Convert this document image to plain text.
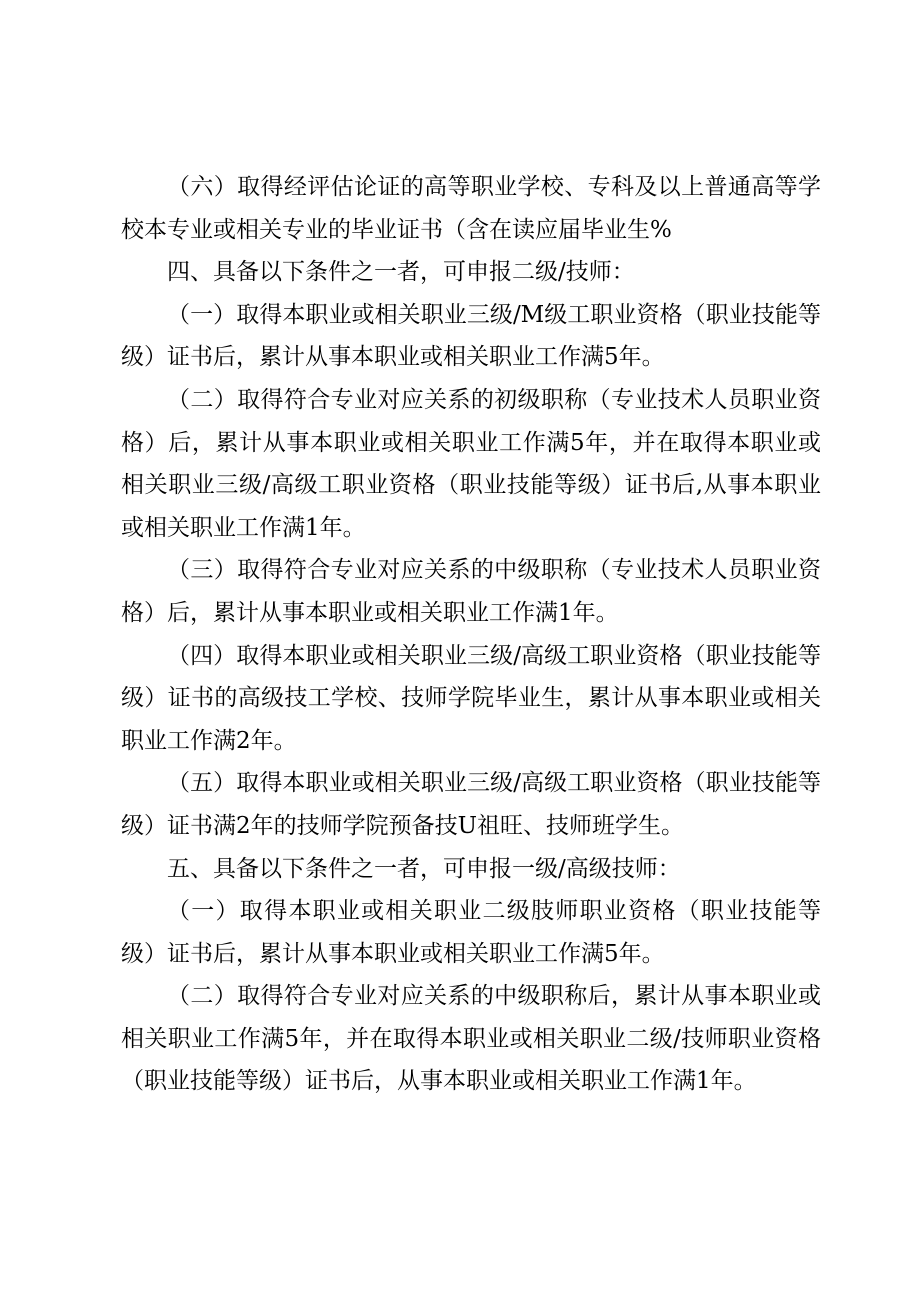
（六）取得经评估论证的高等职业学校、专科及以上普通高等学校本专业或相关专业的毕业证书（含在读应届毕业生%

四、具备以下条件之一者，可申报二级/技师：

（一）取得本职业或相关职业三级/M级工职业资格（职业技能等级）证书后，累计从事本职业或相关职业工作满5年。

（二）取得符合专业对应关系的初级职称（专业技术人员职业资格）后，累计从事本职业或相关职业工作满5年，并在取得本职业或相关职业三级/高级工职业资格（职业技能等级）证书后,从事本职业或相关职业工作满1年。

（三）取得符合专业对应关系的中级职称（专业技术人员职业资格）后，累计从事本职业或相关职业工作满1年。

（四）取得本职业或相关职业三级/高级工职业资格（职业技能等级）证书的高级技工学校、技师学院毕业生，累计从事本职业或相关职业工作满2年。

（五）取得本职业或相关职业三级/高级工职业资格（职业技能等级）证书满2年的技师学院预备技U祖旺、技师班学生。

五、具备以下条件之一者，可申报一级/高级技师：

（一）取得本职业或相关职业二级肢师职业资格（职业技能等级）证书后，累计从事本职业或相关职业工作满5年。

（二）取得符合专业对应关系的中级职称后，累计从事本职业或相关职业工作满5年，并在取得本职业或相关职业二级/技师职业资格（职业技能等级）证书后，从事本职业或相关职业工作满1年。
